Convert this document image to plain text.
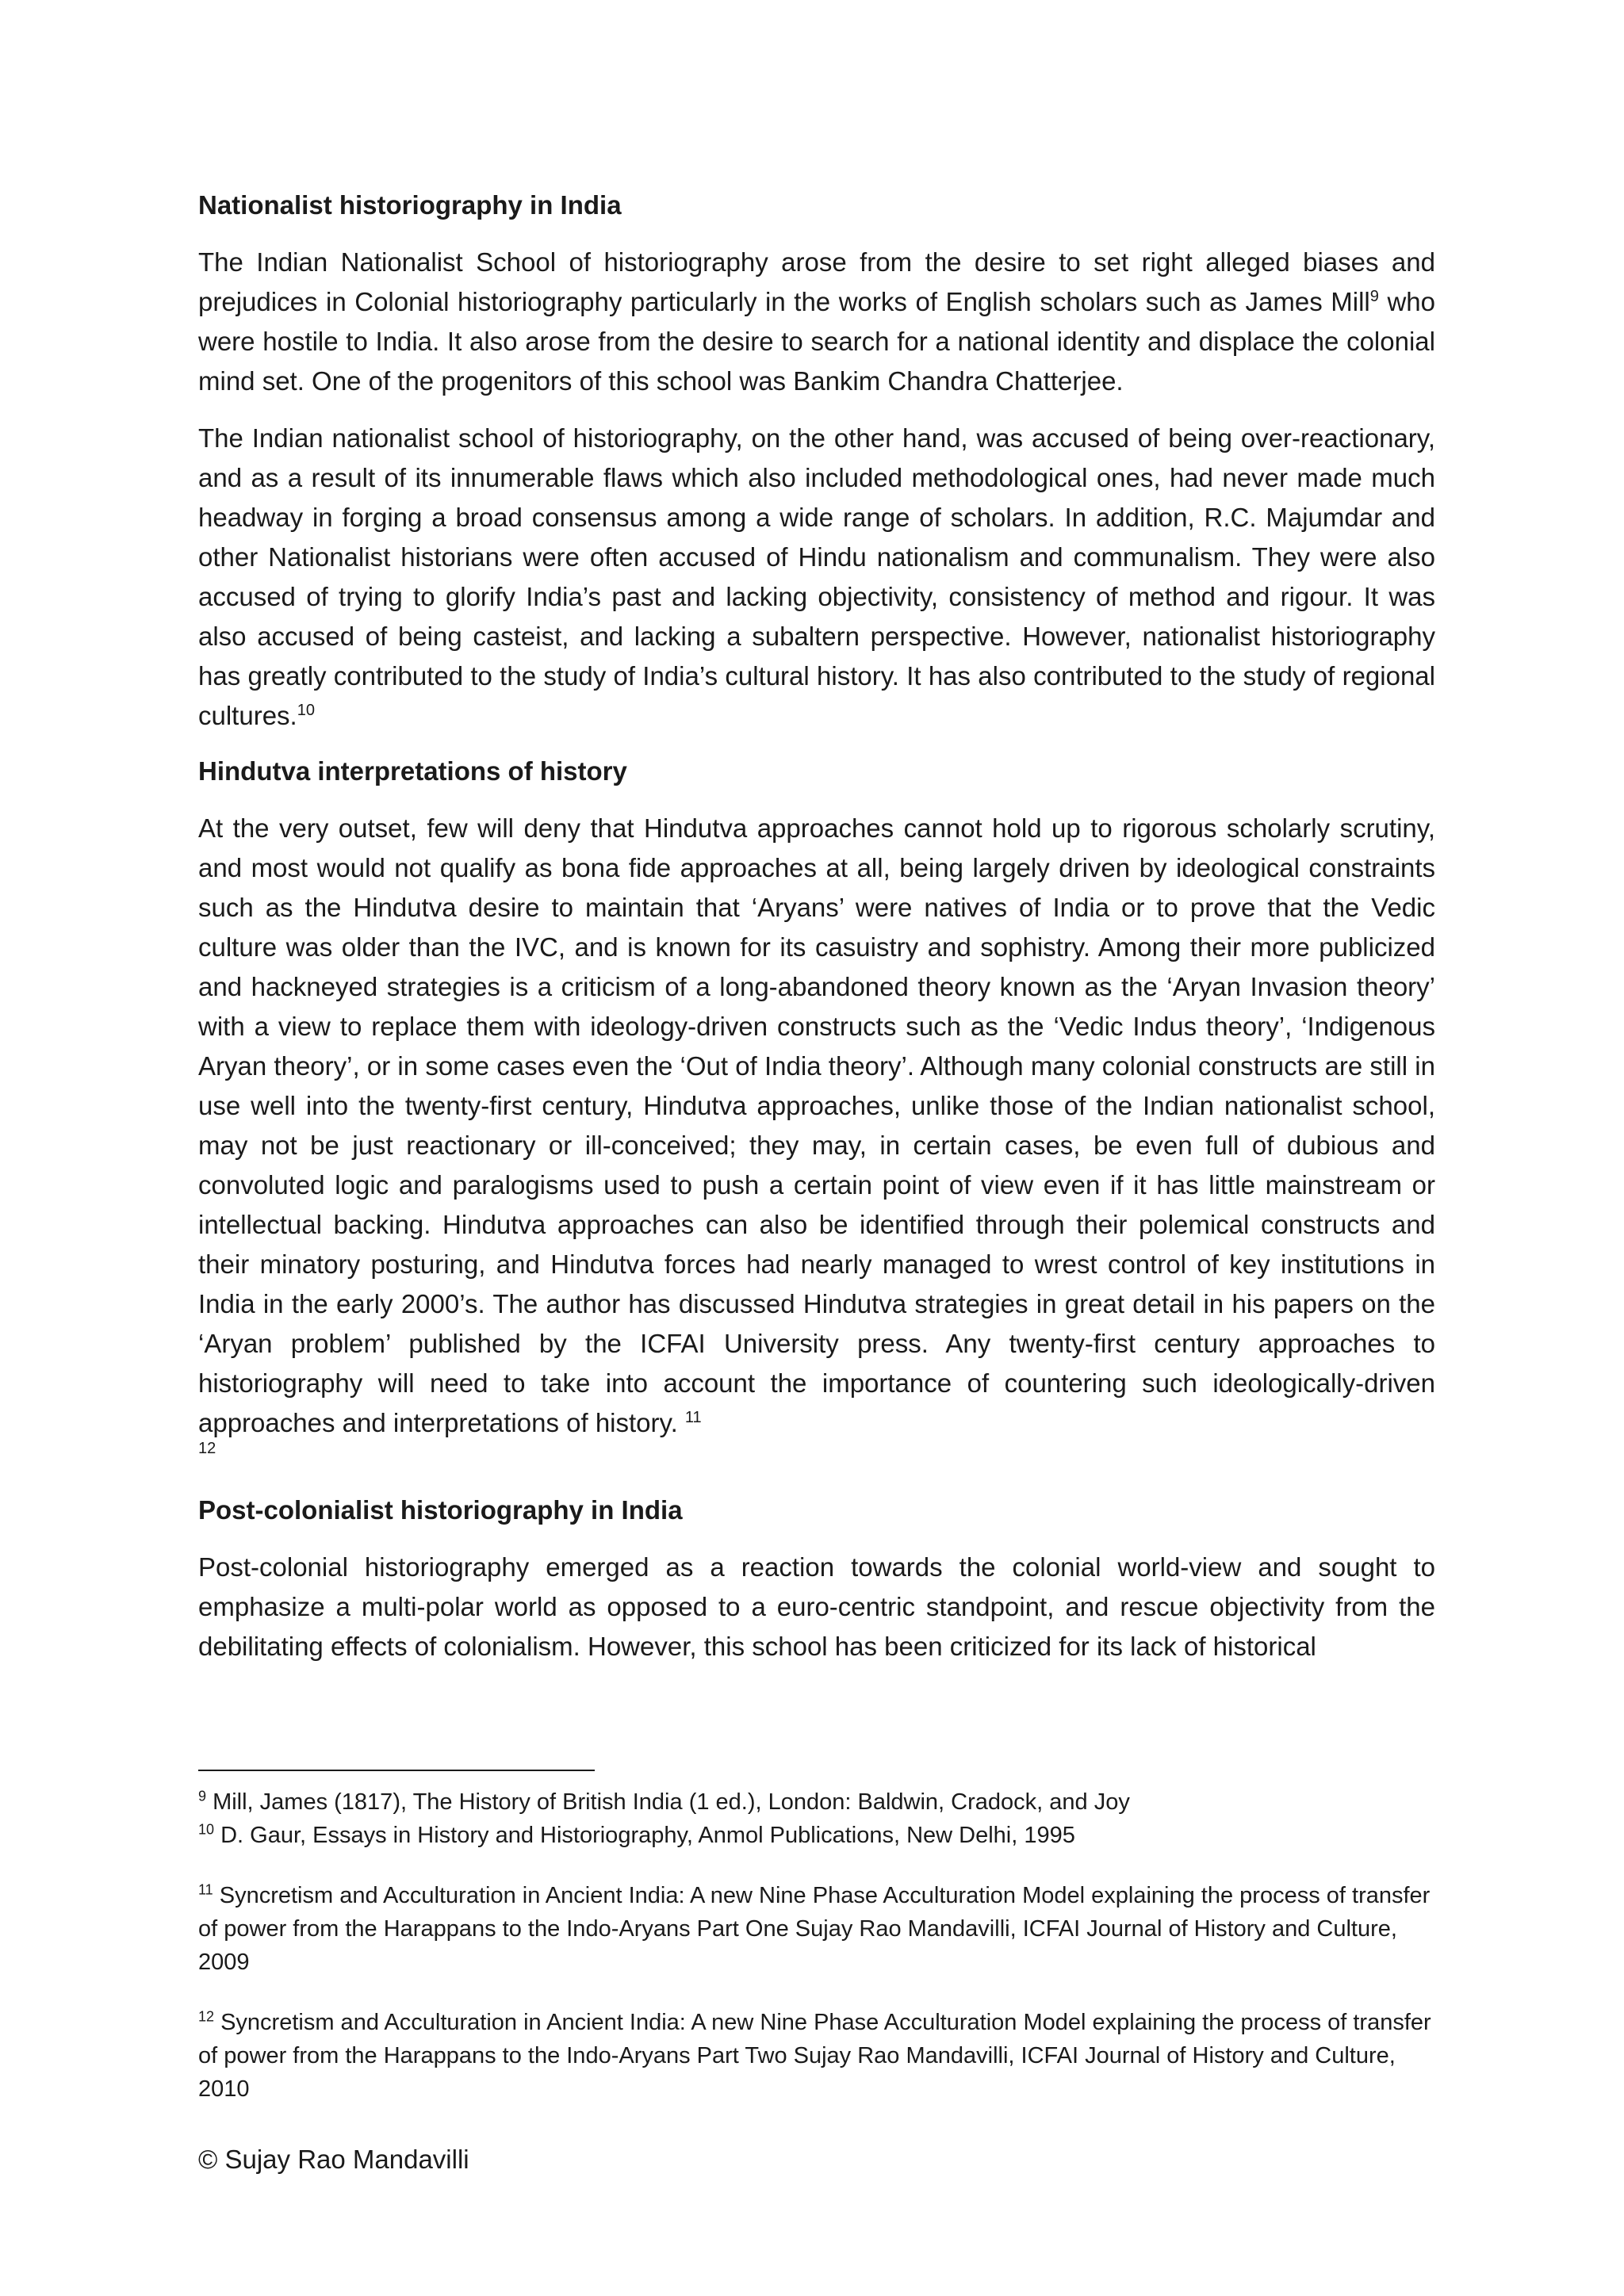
Nationalist historiography in India

The Indian Nationalist School of historiography arose from the desire to set right alleged biases and prejudices in Colonial historiography particularly in the works of English scholars such as James Mill$^9$ who were hostile to India. It also arose from the desire to search for a national identity and displace the colonial mind set. One of the progenitors of this school was Bankim Chandra Chatterjee.

The Indian nationalist school of historiography, on the other hand, was accused of being over-reactionary, and as a result of its innumerable flaws which also included methodological ones, had never made much headway in forging a broad consensus among a wide range of scholars. In addition, R.C. Majumdar and other Nationalist historians were often accused of Hindu nationalism and communalism. They were also accused of trying to glorify India’s past and lacking objectivity, consistency of method and rigour. It was also accused of being casteist, and lacking a subaltern perspective. However, nationalist historiography has greatly contributed to the study of India’s cultural history. It has also contributed to the study of regional cultures.$^{10}$

Hindutva interpretations of history

At the very outset, few will deny that Hindutva approaches cannot hold up to rigorous scholarly scrutiny, and most would not qualify as bona fide approaches at all, being largely driven by ideological constraints such as the Hindutva desire to maintain that ‘Aryans’ were natives of India or to prove that the Vedic culture was older than the IVC, and is known for its casuistry and sophistry. Among their more publicized and hackneyed strategies is a criticism of a long-abandoned theory known as the ‘Aryan Invasion theory’ with a view to replace them with ideology-driven constructs such as the ‘Vedic Indus theory’, ‘Indigenous Aryan theory’, or in some cases even the ‘Out of India theory’. Although many colonial constructs are still in use well into the twenty-first century, Hindutva approaches, unlike those of the Indian nationalist school, may not be just reactionary or ill-conceived; they may, in certain cases, be even full of dubious and convoluted logic and paralogisms used to push a certain point of view even if it has little mainstream or intellectual backing. Hindutva approaches can also be identified through their polemical constructs and their minatory posturing, and Hindutva forces had nearly managed to wrest control of key institutions in India in the early 2000’s. The author has discussed Hindutva strategies in great detail in his papers on the ‘Aryan problem’ published by the ICFAI University press. Any twenty-first century approaches to historiography will need to take into account the importance of countering such ideologically-driven approaches and interpretations of history. $^{11}$

12
Post-colonialist historiography in India

Post-colonial historiography emerged as a reaction towards the colonial world-view and sought to emphasize a multi-polar world as opposed to a euro-centric standpoint, and rescue objectivity from the debilitating effects of colonialism. However, this school has been criticized for its lack of historical

$^9$ Mill, James (1817), The History of British India (1 ed.), London: Baldwin, Cradock, and Joy

$^{10}$ D. Gaur, Essays in History and Historiography, Anmol Publications, New Delhi, 1995

$^{11}$ Syncretism and Acculturation in Ancient India: A new Nine Phase Acculturation Model explaining the process of transfer of power from the Harappans to the Indo-Aryans Part One Sujay Rao Mandavilli, ICFAI Journal of History and Culture, 2009

$^{12}$ Syncretism and Acculturation in Ancient India: A new Nine Phase Acculturation Model explaining the process of transfer of power from the Harappans to the Indo-Aryans Part Two Sujay Rao Mandavilli, ICFAI Journal of History and Culture, 2010

© Sujay Rao Mandavilli
